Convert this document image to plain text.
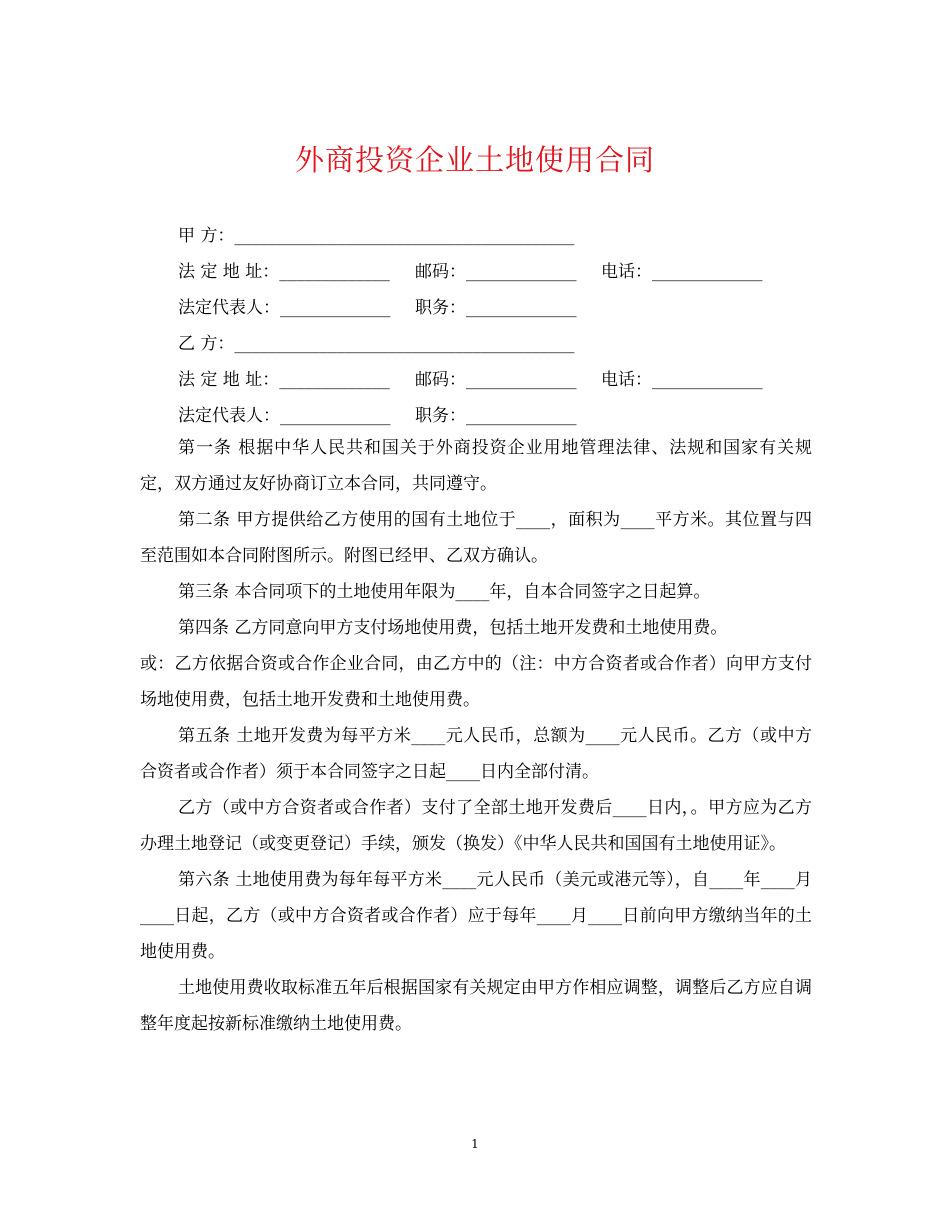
外商投资企业土地使用合同
甲 方：________________________________________
法 定 地 址：_____________ 邮码：_____________ 电话：_____________
法定代表人：_____________ 职务：_____________
乙 方：________________________________________
法 定 地 址：_____________ 邮码：_____________ 电话：_____________
法定代表人：_____________ 职务：_____________

第一条 根据中华人民共和国关于外商投资企业用地管理法律、法规和国家有关规定，双方通过友好协商订立本合同，共同遵守。

第二条 甲方提供给乙方使用的国有土地位于____，面积为____平方米。其位置与四至范围如本合同附图所示。附图已经甲、乙双方确认。

第三条 本合同项下的土地使用年限为____年，自本合同签字之日起算。

第四条 乙方同意向甲方支付场地使用费，包括土地开发费和土地使用费。

或：乙方依据合资或合作企业合同，由乙方中的（注：中方合资者或合作者）向甲方支付场地使用费，包括土地开发费和土地使用费。

第五条 土地开发费为每平方米____元人民币，总额为____元人民币。乙方（或中方合资者或合作者）须于本合同签字之日起____日内全部付清。

乙方（或中方合资者或合作者）支付了全部土地开发费后____日内，。甲方应为乙方办理土地登记（或变更登记）手续，颁发（换发）《中华人民共和国国有土地使用证》。

第六条 土地使用费为每年每平方米____元人民币（美元或港元等），自____年____月____日起，乙方（或中方合资者或合作者）应于每年____月____日前向甲方缴纳当年的土地使用费。

土地使用费收取标准五年后根据国家有关规定由甲方作相应调整，调整后乙方应自调整年度起按新标准缴纳土地使用费。

1
